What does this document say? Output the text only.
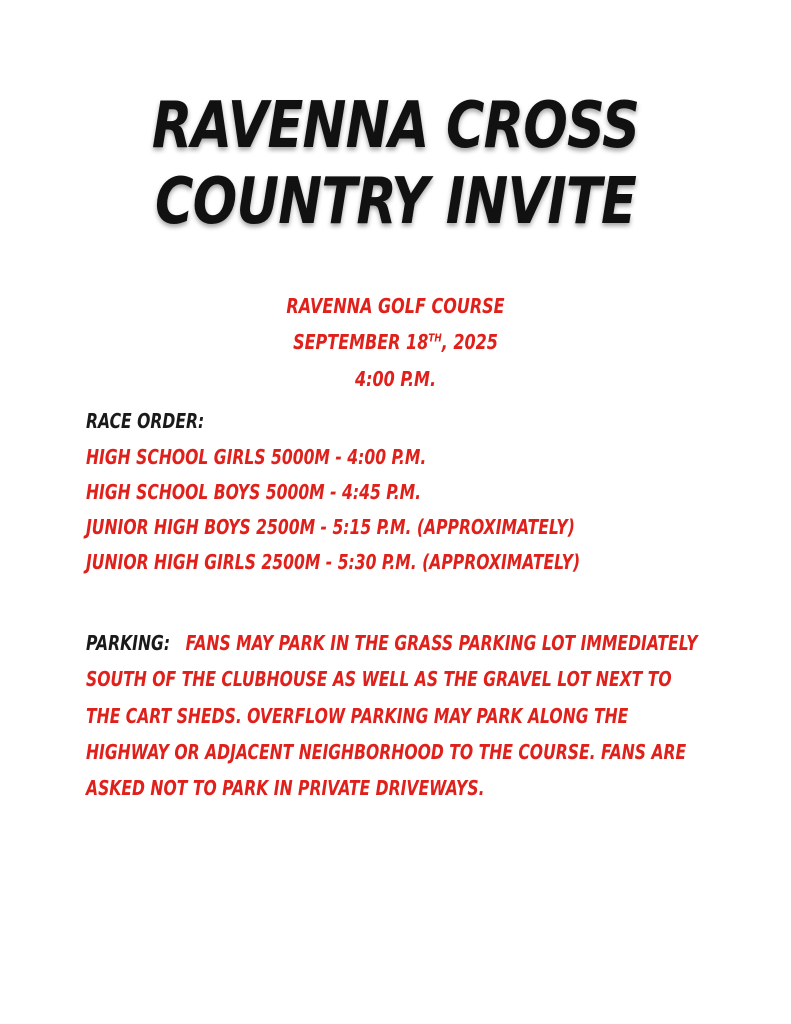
RAVENNA CROSS
COUNTRY INVITE

RAVENNA GOLF COURSE

SEPTEMBER 18TH, 2025

4:00 P.M.

RACE ORDER:

HIGH SCHOOL GIRLS 5000M - 4:00 P.M.
HIGH SCHOOL BOYS 5000M - 4:45 P.M.
JUNIOR HIGH BOYS 2500M - 5:15 P.M. (APPROXIMATELY)
JUNIOR HIGH GIRLS 2500M - 5:30 P.M. (APPROXIMATELY)

PARKING: FANS MAY PARK IN THE GRASS PARKING LOT IMMEDIATELY SOUTH OF THE CLUBHOUSE AS WELL AS THE GRAVEL LOT NEXT TO THE CART SHEDS. OVERFLOW PARKING MAY PARK ALONG THE HIGHWAY OR ADJACENT NEIGHBORHOOD TO THE COURSE. FANS ARE ASKED NOT TO PARK IN PRIVATE DRIVEWAYS.
